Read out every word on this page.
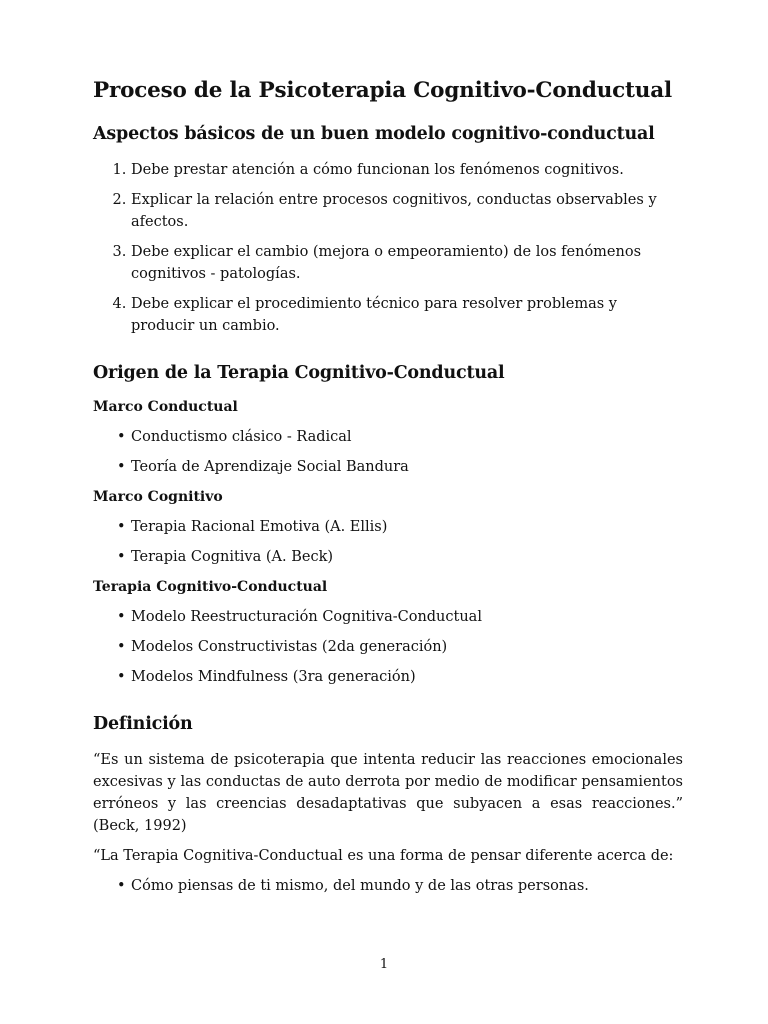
Proceso de la Psicoterapia Cognitivo-Conductual
Aspectos básicos de un buen modelo cognitivo-conductual
1. Debe prestar atención a cómo funcionan los fenómenos cognitivos.
2. Explicar la relación entre procesos cognitivos, conductas observables y afectos.
3. Debe explicar el cambio (mejora o empeoramiento) de los fenómenos cognitivos - patologías.
4. Debe explicar el procedimiento técnico para resolver problemas y producir un cambio.
Origen de la Terapia Cognitivo-Conductual
Marco Conductual
• Conductismo clásico - Radical
• Teoría de Aprendizaje Social Bandura
Marco Cognitivo
• Terapia Racional Emotiva (A. Ellis)
• Terapia Cognitiva (A. Beck)
Terapia Cognitivo-Conductual
• Modelo Reestructuración Cognitiva-Conductual
• Modelos Constructivistas (2da generación)
• Modelos Mindfulness (3ra generación)
Definición

“Es un sistema de psicoterapia que intenta reducir las reacciones emocionales excesivas y las conductas de auto derrota por medio de modificar pensamientos erróneos y las creencias desadaptativas que subyacen a esas reacciones.” (Beck, 1992)

“La Terapia Cognitiva-Conductual es una forma de pensar diferente acerca de:

• Cómo piensas de ti mismo, del mundo y de las otras personas.
1
